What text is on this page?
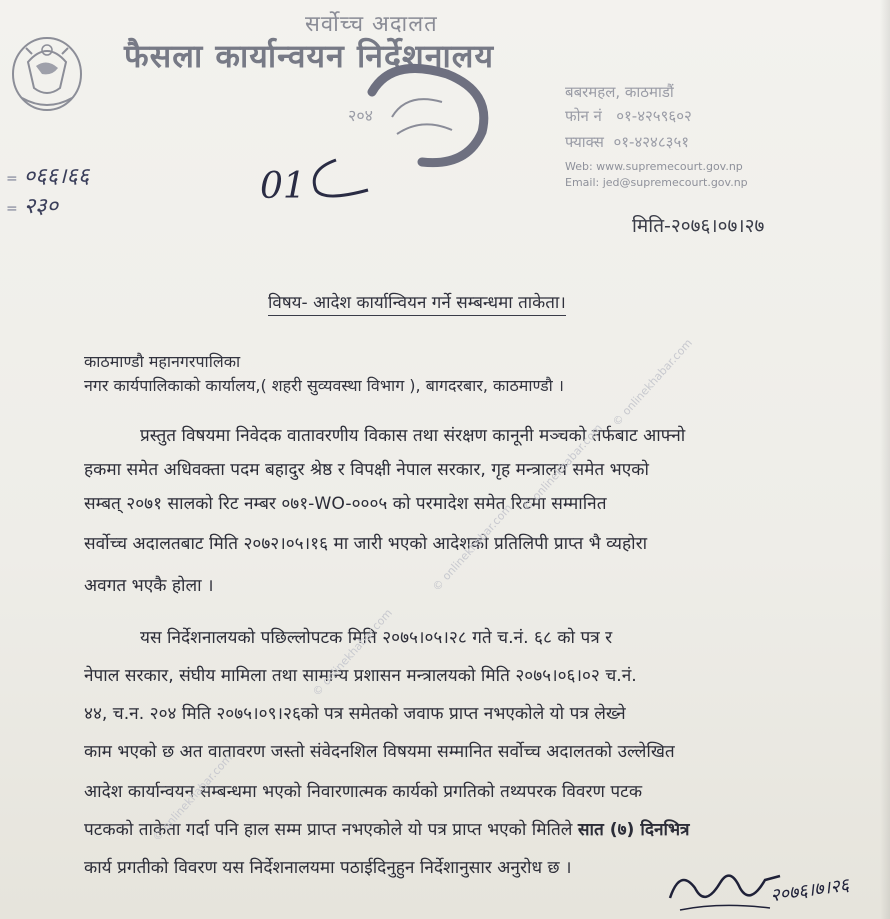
सर्वोच्च अदालत
फैसला कार्यान्वयन निर्देशनालय
२०४
बबरमहल, काठमाडौं
फोन नं ०१-४२५९६०२
फ्याक्स ०१-४२४८३५१
Web: www.supremecourt.gov.np
Email: jed@supremecourt.gov.np
= ०६६।६६
= २३०	01
मिति-२०७६।०७।२७
विषय- आदेश कार्यान्वियन गर्ने सम्बन्धमा ताकेता।
काठमाण्डौ महानगरपालिका
नगर कार्यपालिकाको कार्यालय,( शहरी सुव्यवस्था विभाग ), बागदरबार, काठमाण्डौ ।
प्रस्तुत विषयमा निवेदक वातावरणीय विकास तथा संरक्षण कानूनी मञ्चको तर्फबाट आफ्नो
हकमा समेत अधिवक्ता पदम बहादुर श्रेष्ठ र विपक्षी नेपाल सरकार, गृह मन्त्रालय समेत भएको
सम्बत् २०७१ सालको रिट नम्बर ०७१-WO-०००५ को परमादेश समेत रिटमा सम्मानित
सर्वोच्च अदालतबाट मिति २०७२।०५।१६ मा जारी भएको आदेशको प्रतिलिपी प्राप्त भै व्यहोरा
अवगत भएकै होला ।
यस निर्देशनालयको पछिल्लोपटक मिति २०७५।०५।२८ गते च.नं. ६८ को पत्र र
नेपाल सरकार, संघीय मामिला तथा सामान्य प्रशासन मन्त्रालयको मिति २०७५।०६।०२ च.नं.
४४, च.न. २०४ मिति २०७५।०९।२६को पत्र समेतको जवाफ प्राप्त नभएकोले यो पत्र लेख्ने
काम भएको छ अत वातावरण जस्तो संवेदनशिल विषयमा सम्मानित सर्वोच्च अदालतको उल्लेखित
आदेश कार्यान्वयन सम्बन्धमा भएको निवारणात्मक कार्यको प्रगतिको तथ्यपरक विवरण पटक
पटकको ताकेता गर्दा पनि हाल सम्म प्राप्त नभएकोले यो पत्र प्राप्त भएको मितिले सात (७) दिनभित्र
कार्य प्रगतीको विवरण यस निर्देशनालयमा पठाईदिनुहुन निर्देशानुसार अनुरोध छ ।
© onlinekhabar.com
© onlinekhabar.com
© onlinekhabar.com
© onlinekhabar.com
© onlinekhabar.com
२०७६।७।२६
